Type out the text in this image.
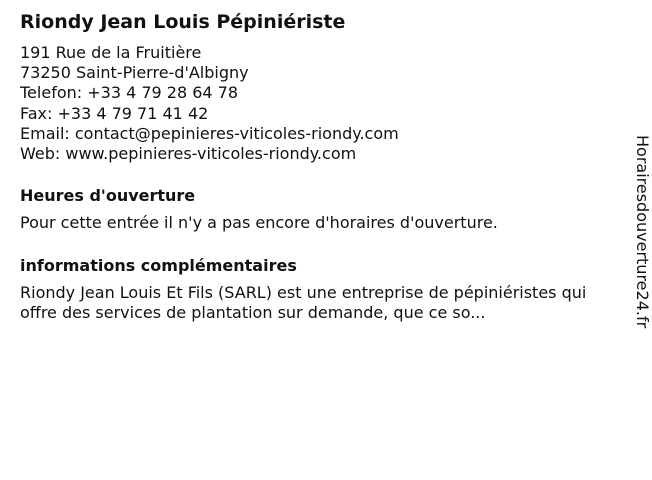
Riondy Jean Louis Pépiniériste
191 Rue de la Fruitière
73250 Saint-Pierre-d'Albigny
Telefon: +33 4 79 28 64 78
Fax: +33 4 79 71 41 42
Email: contact@pepinieres-viticoles-riondy.com
Web: www.pepinieres-viticoles-riondy.com
Heures d'ouverture

Pour cette entrée il n'y a pas encore d'horaires d'ouverture.

informations complémentaires

Riondy Jean Louis Et Fils (SARL) est une entreprise de pépiniéristes qui offre des services de plantation sur demande, que ce so...	Horairesdouverture24.fr
